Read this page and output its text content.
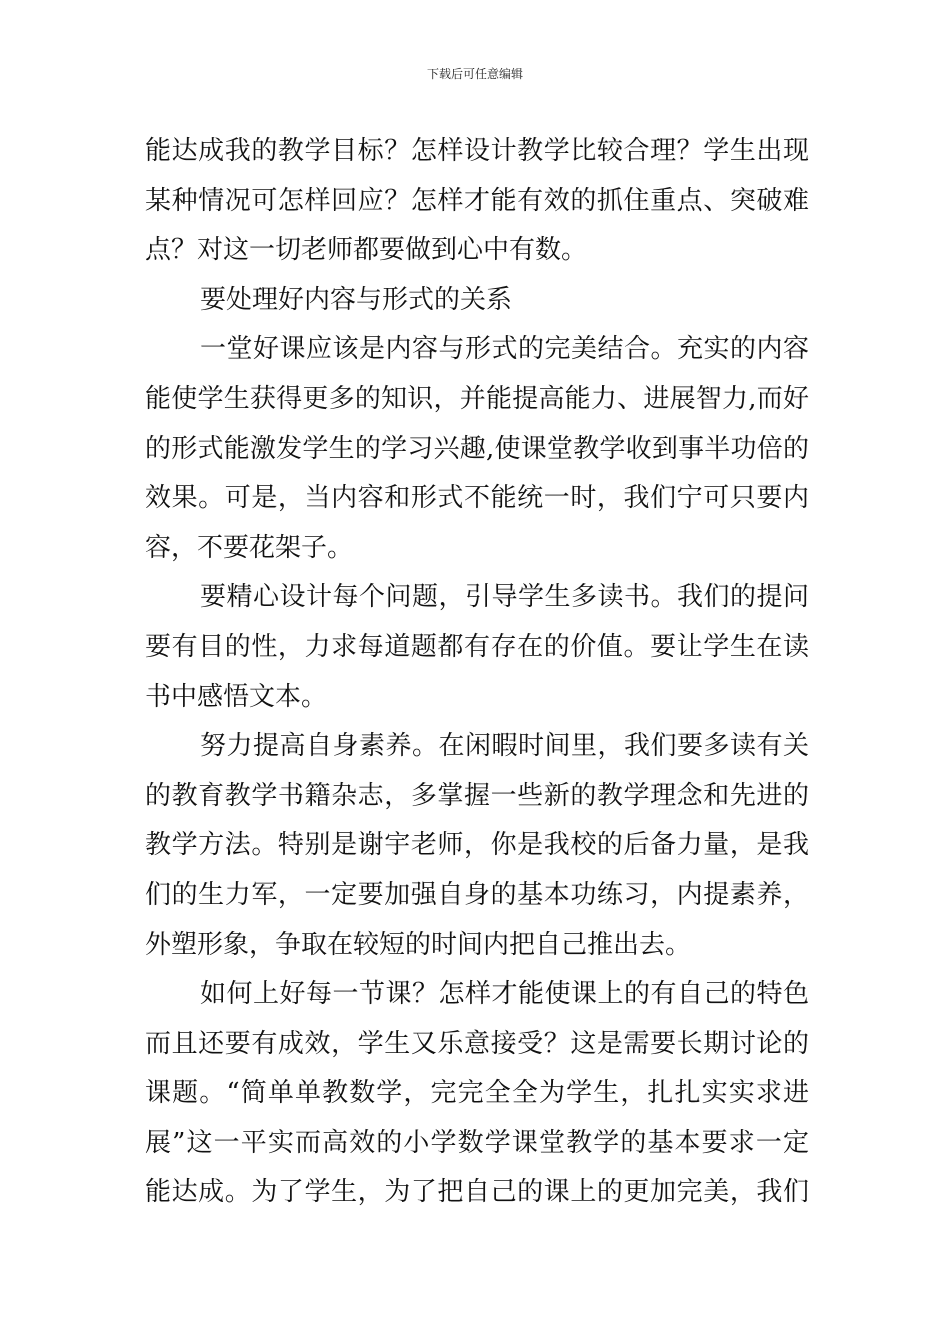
下载后可任意编辑
能达成我的教学目标？怎样设计教学比较合理？学生出现
某种情况可怎样回应？怎样才能有效的抓住重点、突破难
点？对这一切老师都要做到心中有数。
要处理好内容与形式的关系
一堂好课应该是内容与形式的完美结合。充实的内容
能使学生获得更多的知识，并能提高能力、进展智力,而好
的形式能激发学生的学习兴趣,使课堂教学收到事半功倍的
效果。可是，当内容和形式不能统一时，我们宁可只要内
容，不要花架子。
要精心设计每个问题，引导学生多读书。我们的提问
要有目的性，力求每道题都有存在的价值。要让学生在读
书中感悟文本。
努力提高自身素养。在闲暇时间里，我们要多读有关
的教育教学书籍杂志，多掌握一些新的教学理念和先进的
教学方法。特别是谢宇老师，你是我校的后备力量，是我
们的生力军，一定要加强自身的基本功练习，内提素养，
外塑形象，争取在较短的时间内把自己推出去。
如何上好每一节课？怎样才能使课上的有自己的特色
而且还要有成效，学生又乐意接受？这是需要长期讨论的
课题。“简单单教数学，完完全全为学生，扎扎实实求进
展”这一平实而高效的小学数学课堂教学的基本要求一定
能达成。为了学生，为了把自己的课上的更加完美，我们
